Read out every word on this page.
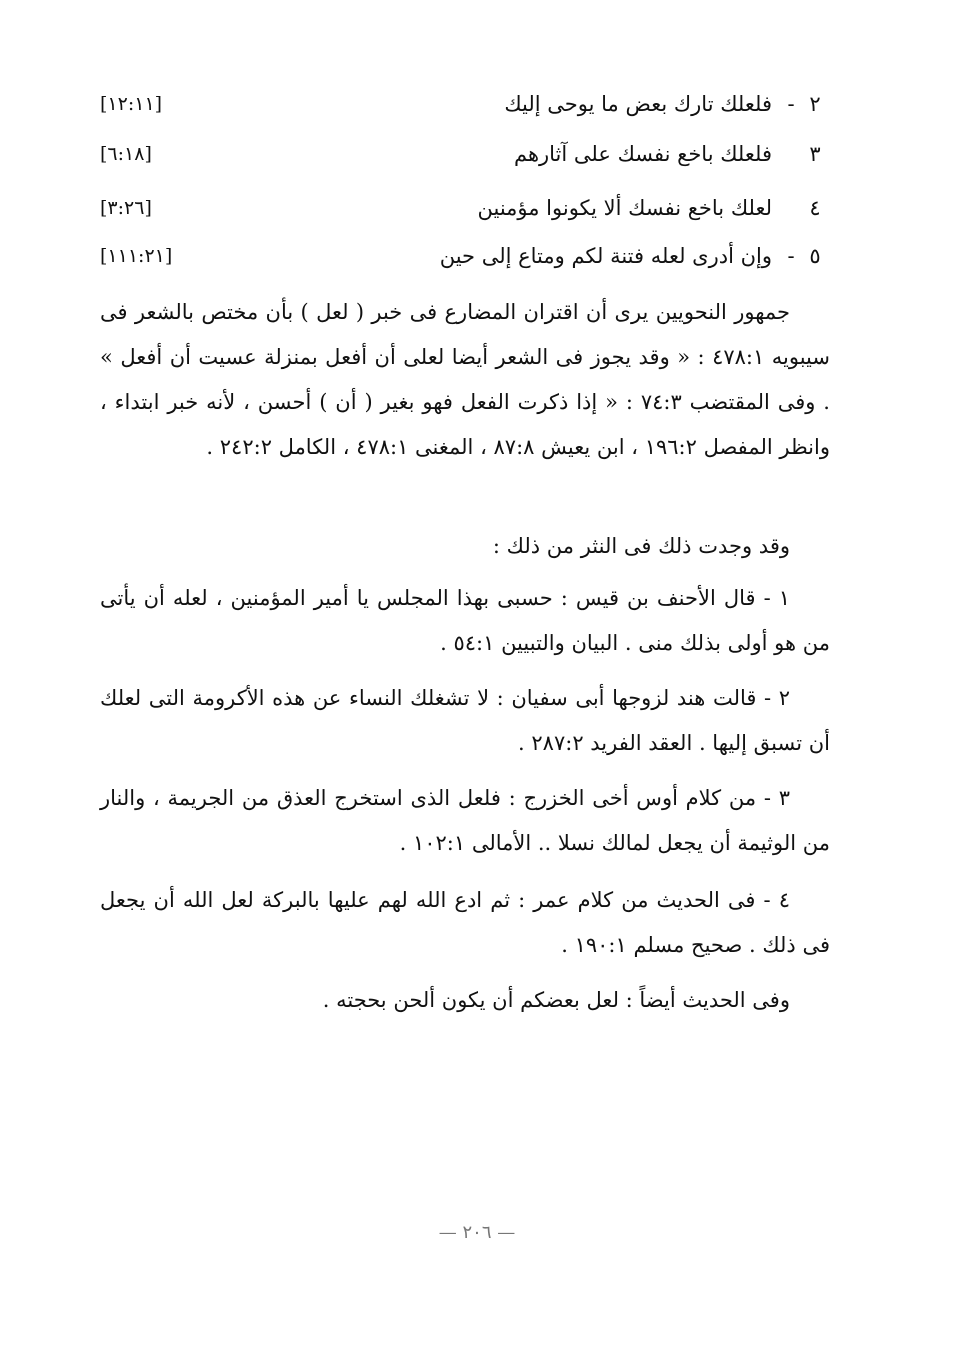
٢
-
فلعلك تارك بعض ما يوحى إليك
[١٢:١١]
٣
فلعلك باخع نفسك على آثارهم
[٦:١٨]
٤
لعلك باخع نفسك ألا يكونوا مؤمنين
[٣:٢٦]
٥
-
وإن أدرى لعله فتنة لكم ومتاع إلى حين
[١١١:٢١]

جمهور النحويين يرى أن اقتران المضارع فى خبر ( لعل ) بأن مختص بالشعر فى سيبويه ٤٧٨:١ : « وقد يجوز فى الشعر أيضا لعلى أن أفعل بمنزلة عسيت أن أفعل » . وفى المقتضب ٧٤:٣ : « إذا ذكرت الفعل فهو بغير ( أن ) أحسن ، لأنه خبر ابتداء ، وانظر المفصل ١٩٦:٢ ، ابن يعيش ٨٧:٨ ، المغنى ٤٧٨:١ ، الكامل ٢٤٢:٢ .

وقد وجدت ذلك فى النثر من ذلك :

١ - قال الأحنف بن قيس : حسبى بهذا المجلس يا أمير المؤمنين ، لعله أن يأتى من هو أولى بذلك منى . البيان والتبيين ٥٤:١ .

٢ - قالت هند لزوجها أبى سفيان : لا تشغلك النساء عن هذه الأكرومة التى لعلك أن تسبق إليها . العقد الفريد ٢٨٧:٢ .

٣ - من كلام أوس أخى الخزرج : فلعل الذى استخرج العذق من الجريمة ، والنار من الوثيمة أن يجعل لمالك نسلا .. الأمالى ١٠٢:١ .

٤ - فى الحديث من كلام عمر : ثم ادع الله لهم عليها بالبركة لعل الله أن يجعل فى ذلك . صحيح مسلم ١٩٠:١ .

وفى الحديث أيضاً : لعل بعضكم أن يكون ألحن بحجته .

— ٢٠٦ —
